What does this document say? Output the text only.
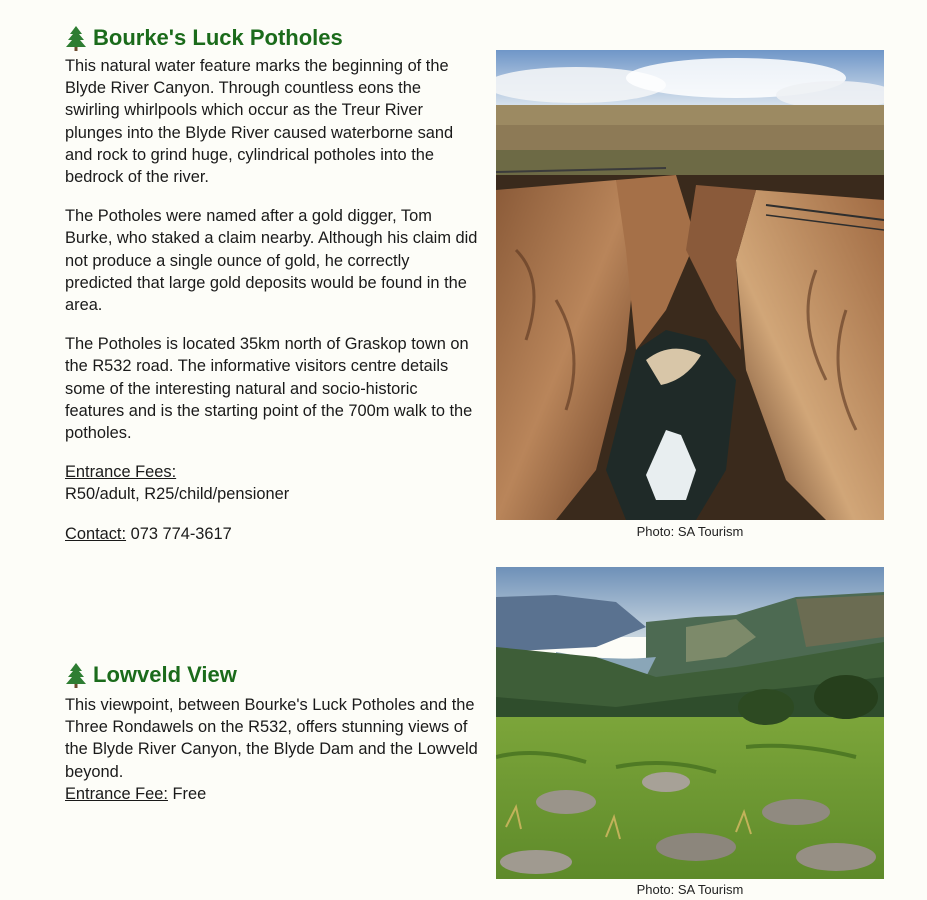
Bourke's Luck Potholes

This natural water feature marks the beginning of the Blyde River Canyon. Through countless eons the swirling whirlpools which occur as the Treur River plunges into the Blyde River caused waterborne sand and rock to grind huge, cylindrical potholes into the bedrock of the river.

The Potholes were named after a gold digger, Tom Burke, who staked a claim nearby. Although his claim did not produce a single ounce of gold, he correctly predicted that large gold deposits would be found in the area.

The Potholes is located 35km north of Graskop town on the R532 road. The informative visitors centre details some of the interesting natural and socio-historic features and is the starting point of the 700m walk to the potholes.

Entrance Fees:
R50/adult, R25/child/pensioner

Contact: 073 774-3617	Photo: SA Tourism
Lowveld View

This viewpoint, between Bourke's Luck Potholes and the Three Rondawels on the R532, offers stunning views of the Blyde River Canyon, the Blyde Dam and the Lowveld beyond.

Entrance Fee: Free

Photo: SA Tourism
